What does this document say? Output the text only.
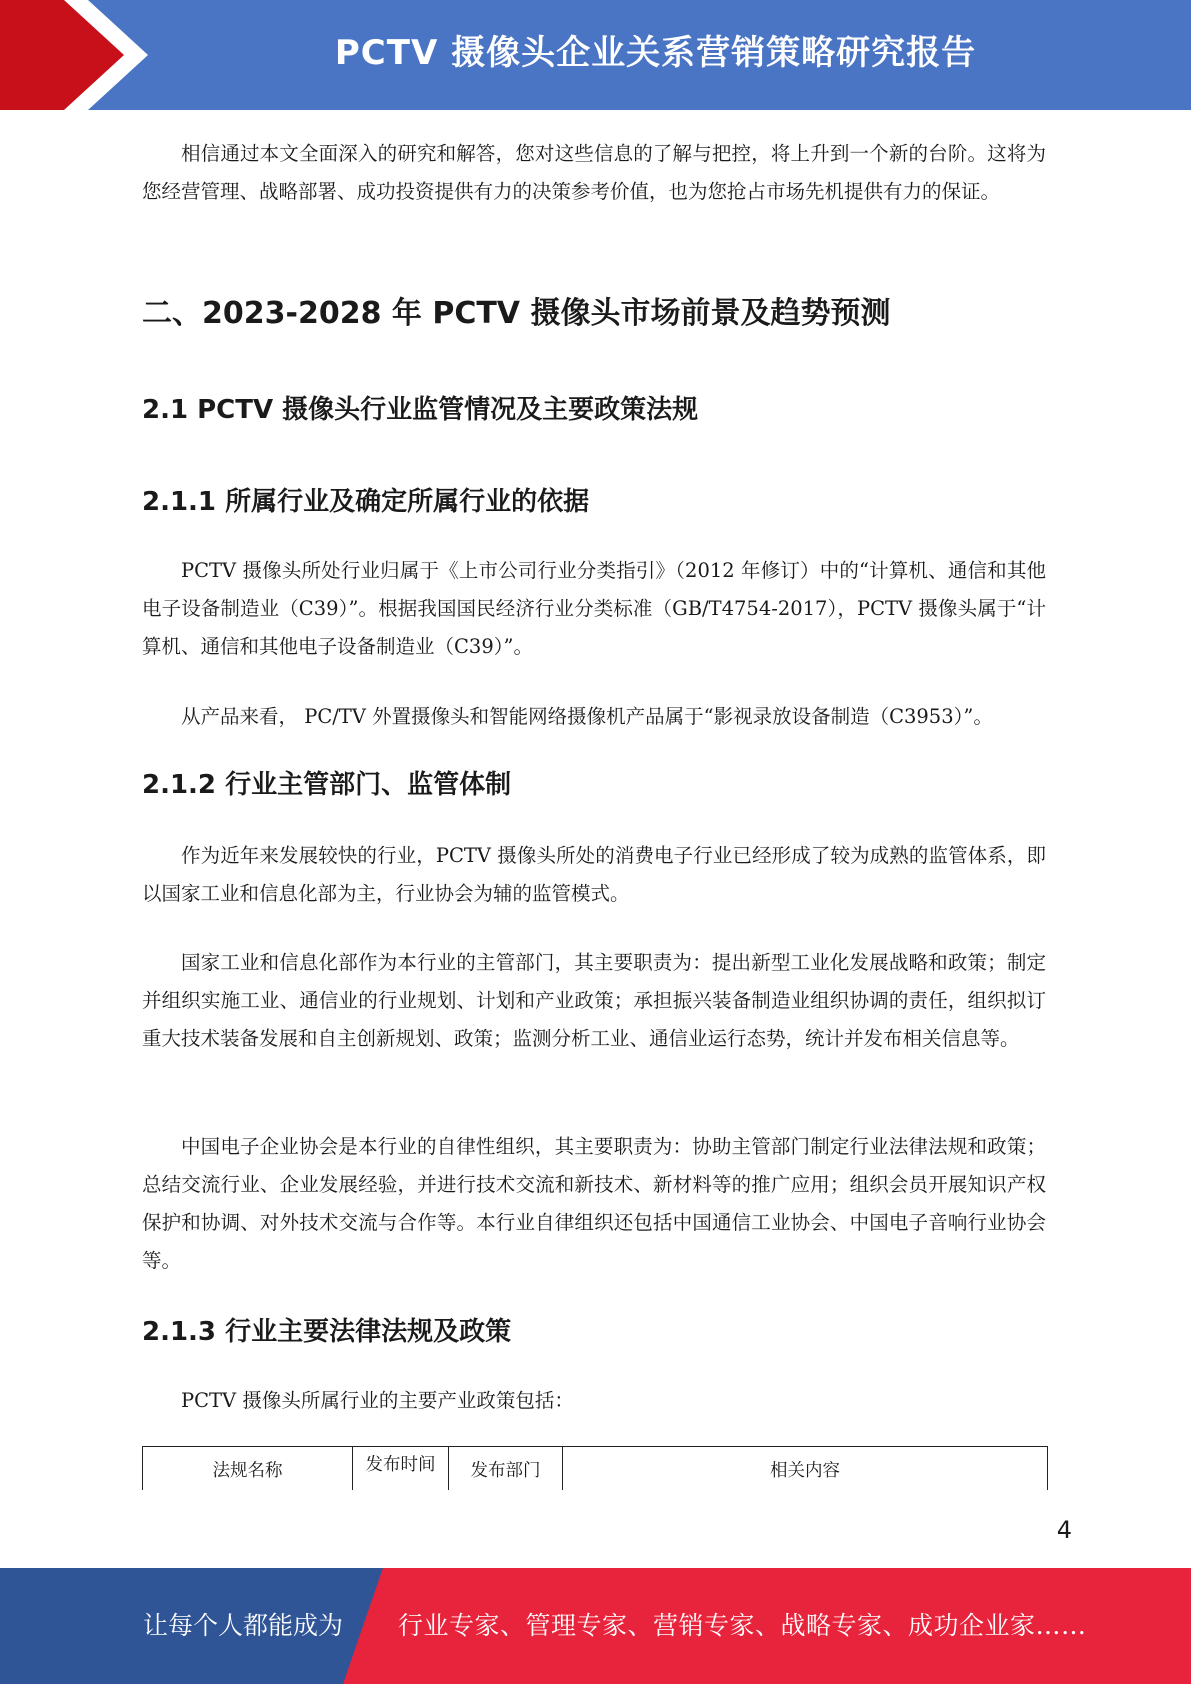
PCTV 摄像头企业关系营销策略研究报告

相信通过本文全面深入的研究和解答，您对这些信息的了解与把控，将上升到一个新的台阶。这将为您经营管理、战略部署、成功投资提供有力的决策参考价值，也为您抢占市场先机提供有力的保证。

二、2023-2028 年 PCTV 摄像头市场前景及趋势预测
2.1 PCTV 摄像头行业监管情况及主要政策法规
2.1.1 所属行业及确定所属行业的依据

PCTV 摄像头所处行业归属于《上市公司行业分类指引》（2012 年修订）中的“计算机、通信和其他电子设备制造业（C39）”。根据我国国民经济行业分类标准（GB/T4754-2017），PCTV 摄像头属于“计算机、通信和其他电子设备制造业（C39）”。

从产品来看， PC/TV 外置摄像头和智能网络摄像机产品属于“影视录放设备制造（C3953）”。

2.1.2 行业主管部门、监管体制

作为近年来发展较快的行业，PCTV 摄像头所处的消费电子行业已经形成了较为成熟的监管体系，即以国家工业和信息化部为主，行业协会为辅的监管模式。

国家工业和信息化部作为本行业的主管部门，其主要职责为：提出新型工业化发展战略和政策；制定并组织实施工业、通信业的行业规划、计划和产业政策；承担振兴装备制造业组织协调的责任，组织拟订重大技术装备发展和自主创新规划、政策；监测分析工业、通信业运行态势，统计并发布相关信息等。

中国电子企业协会是本行业的自律性组织，其主要职责为：协助主管部门制定行业法律法规和政策；总结交流行业、企业发展经验，并进行技术交流和新技术、新材料等的推广应用；组织会员开展知识产权保护和协调、对外技术交流与合作等。本行业自律组织还包括中国通信工业协会、中国电子音响行业协会等。

2.1.3 行业主要法律法规及政策

PCTV 摄像头所属行业的主要产业政策包括：

法规名称	发布时间	发布部门	相关内容
4
让每个人都能成为 行业专家、管理专家、营销专家、战略专家、成功企业家……
